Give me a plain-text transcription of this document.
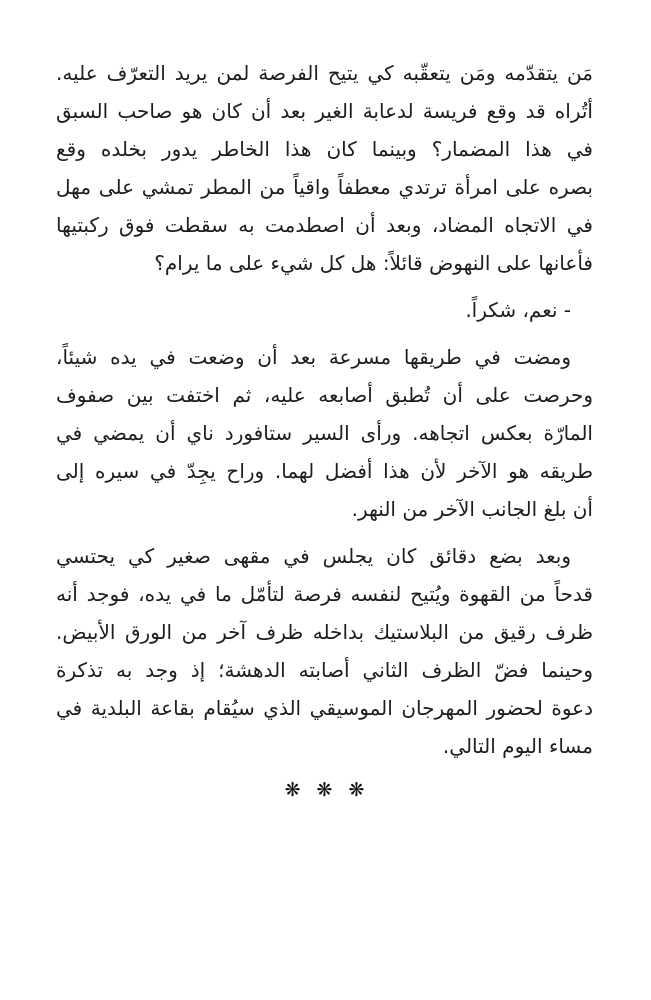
مَن يتقدّمه ومَن يتعقّبه كي يتيح الفرصة لمن يريد التعرّف عليه.
أتُراه قد وقع فريسة لدعابة الغير بعد أن كان هو صاحب السبق
في هذا المضمار؟ وبينما كان هذا الخاطر يدور بخلده وقع
بصره على امرأة ترتدي معطفاً واقياً من المطر تمشي على مهل
في الاتجاه المضاد، وبعد أن اصطدمت به سقطت فوق ركبتيها
فأعانها على النهوض قائلاً: هل كل شيء على ما يرام؟
- نعم، شكراً.
ومضت في طريقها مسرعة بعد أن وضعت في يده شيئاً،
وحرصت على أن تُطبق أصابعه عليه، ثم اختفت بين صفوف
المارّة بعكس اتجاهه. ورأى السير ستافورد ناي أن يمضي في
طريقه هو الآخر لأن هذا أفضل لهما. وراح يجِدّ في سيره إلى
أن بلغ الجانب الآخر من النهر.
وبعد بضع دقائق كان يجلس في مقهى صغير كي يحتسي
قدحاً من القهوة ويُتيح لنفسه فرصة لتأمّل ما في يده، فوجد أنه
ظرف رقيق من البلاستيك بداخله ظرف آخر من الورق الأبيض.
وحينما فضّ الظرف الثاني أصابته الدهشة؛ إذ وجد به تذكرة
دعوة لحضور المهرجان الموسيقي الذي سيُقام بقاعة البلدية في
مساء اليوم التالي.
❋
❋
❋
